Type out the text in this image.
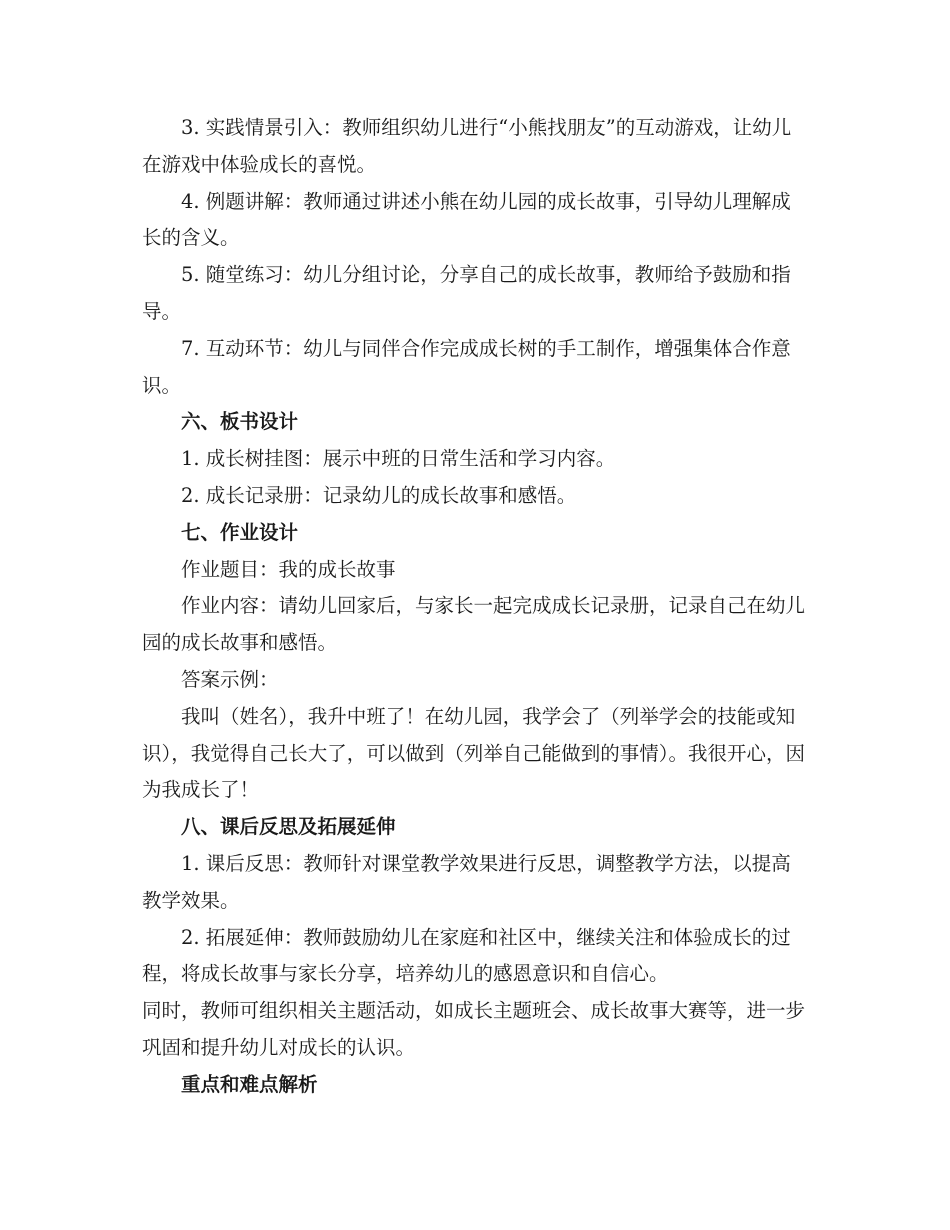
3. 实践情景引入：教师组织幼儿进行“小熊找朋友”的互动游戏，让幼儿在游戏中体验成长的喜悦。

4. 例题讲解：教师通过讲述小熊在幼儿园的成长故事，引导幼儿理解成长的含义。

5. 随堂练习：幼儿分组讨论，分享自己的成长故事，教师给予鼓励和指导。

7. 互动环节：幼儿与同伴合作完成成长树的手工制作，增强集体合作意识。

六、板书设计

1. 成长树挂图：展示中班的日常生活和学习内容。

2. 成长记录册：记录幼儿的成长故事和感悟。

七、作业设计

作业题目：我的成长故事

作业内容：请幼儿回家后，与家长一起完成成长记录册，记录自己在幼儿园的成长故事和感悟。

答案示例：

我叫（姓名），我升中班了！在幼儿园，我学会了（列举学会的技能或知识），我觉得自己长大了，可以做到（列举自己能做到的事情）。我很开心，因为我成长了！

八、课后反思及拓展延伸

1. 课后反思：教师针对课堂教学效果进行反思，调整教学方法，以提高教学效果。

2. 拓展延伸：教师鼓励幼儿在家庭和社区中，继续关注和体验成长的过程，将成长故事与家长分享，培养幼儿的感恩意识和自信心。

同时，教师可组织相关主题活动，如成长主题班会、成长故事大赛等，进一步巩固和提升幼儿对成长的认识。

重点和难点解析
